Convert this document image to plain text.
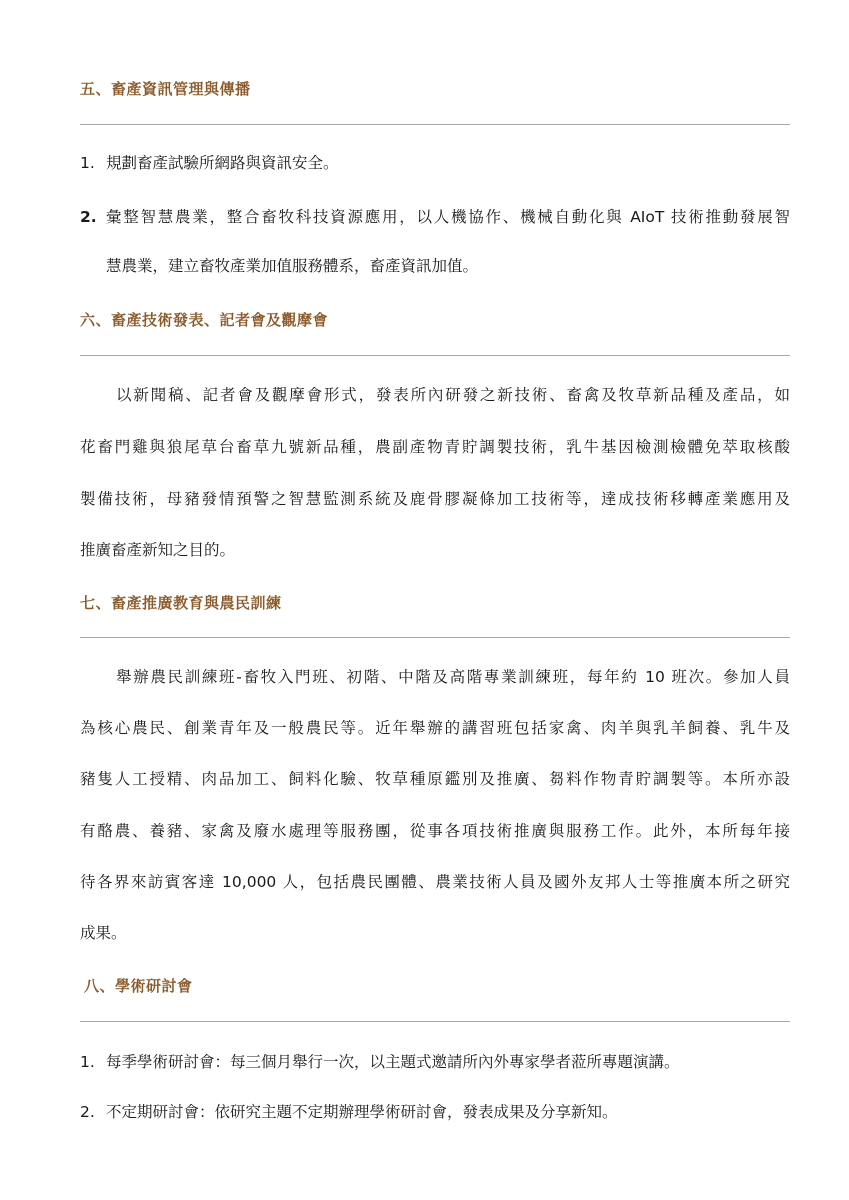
五、畜產資訊管理與傳播
1. 規劃畜產試驗所網路與資訊安全。
2. 彙整智慧農業，整合畜牧科技資源應用，以人機協作、機械自動化與 AIoT 技術推動發展智
慧農業，建立畜牧產業加值服務體系，畜產資訊加值。
六、畜產技術發表、記者會及觀摩會
以新聞稿、記者會及觀摩會形式，發表所內研發之新技術、畜禽及牧草新品種及產品，如
花畜門雞與狼尾草台畜草九號新品種，農副產物青貯調製技術，乳牛基因檢測檢體免萃取核酸
製備技術，母豬發情預警之智慧監測系統及鹿骨膠凝條加工技術等，達成技術移轉產業應用及
推廣畜產新知之目的。
七、畜產推廣教育與農民訓練
舉辦農民訓練班-畜牧入門班、初階、中階及高階專業訓練班，每年約 10 班次。參加人員
為核心農民、創業青年及一般農民等。近年舉辦的講習班包括家禽、肉羊與乳羊飼養、乳牛及
豬隻人工授精、肉品加工、飼料化驗、牧草種原鑑別及推廣、芻料作物青貯調製等。本所亦設
有酪農、養豬、家禽及廢水處理等服務團，從事各項技術推廣與服務工作。此外，本所每年接
待各界來訪賓客達 10,000 人，包括農民團體、農業技術人員及國外友邦人士等推廣本所之研究
成果。
八、學術研討會
1. 每季學術研討會：每三個月舉行一次，以主題式邀請所內外專家學者蒞所專題演講。
2. 不定期研討會：依研究主題不定期辦理學術研討會，發表成果及分享新知。
